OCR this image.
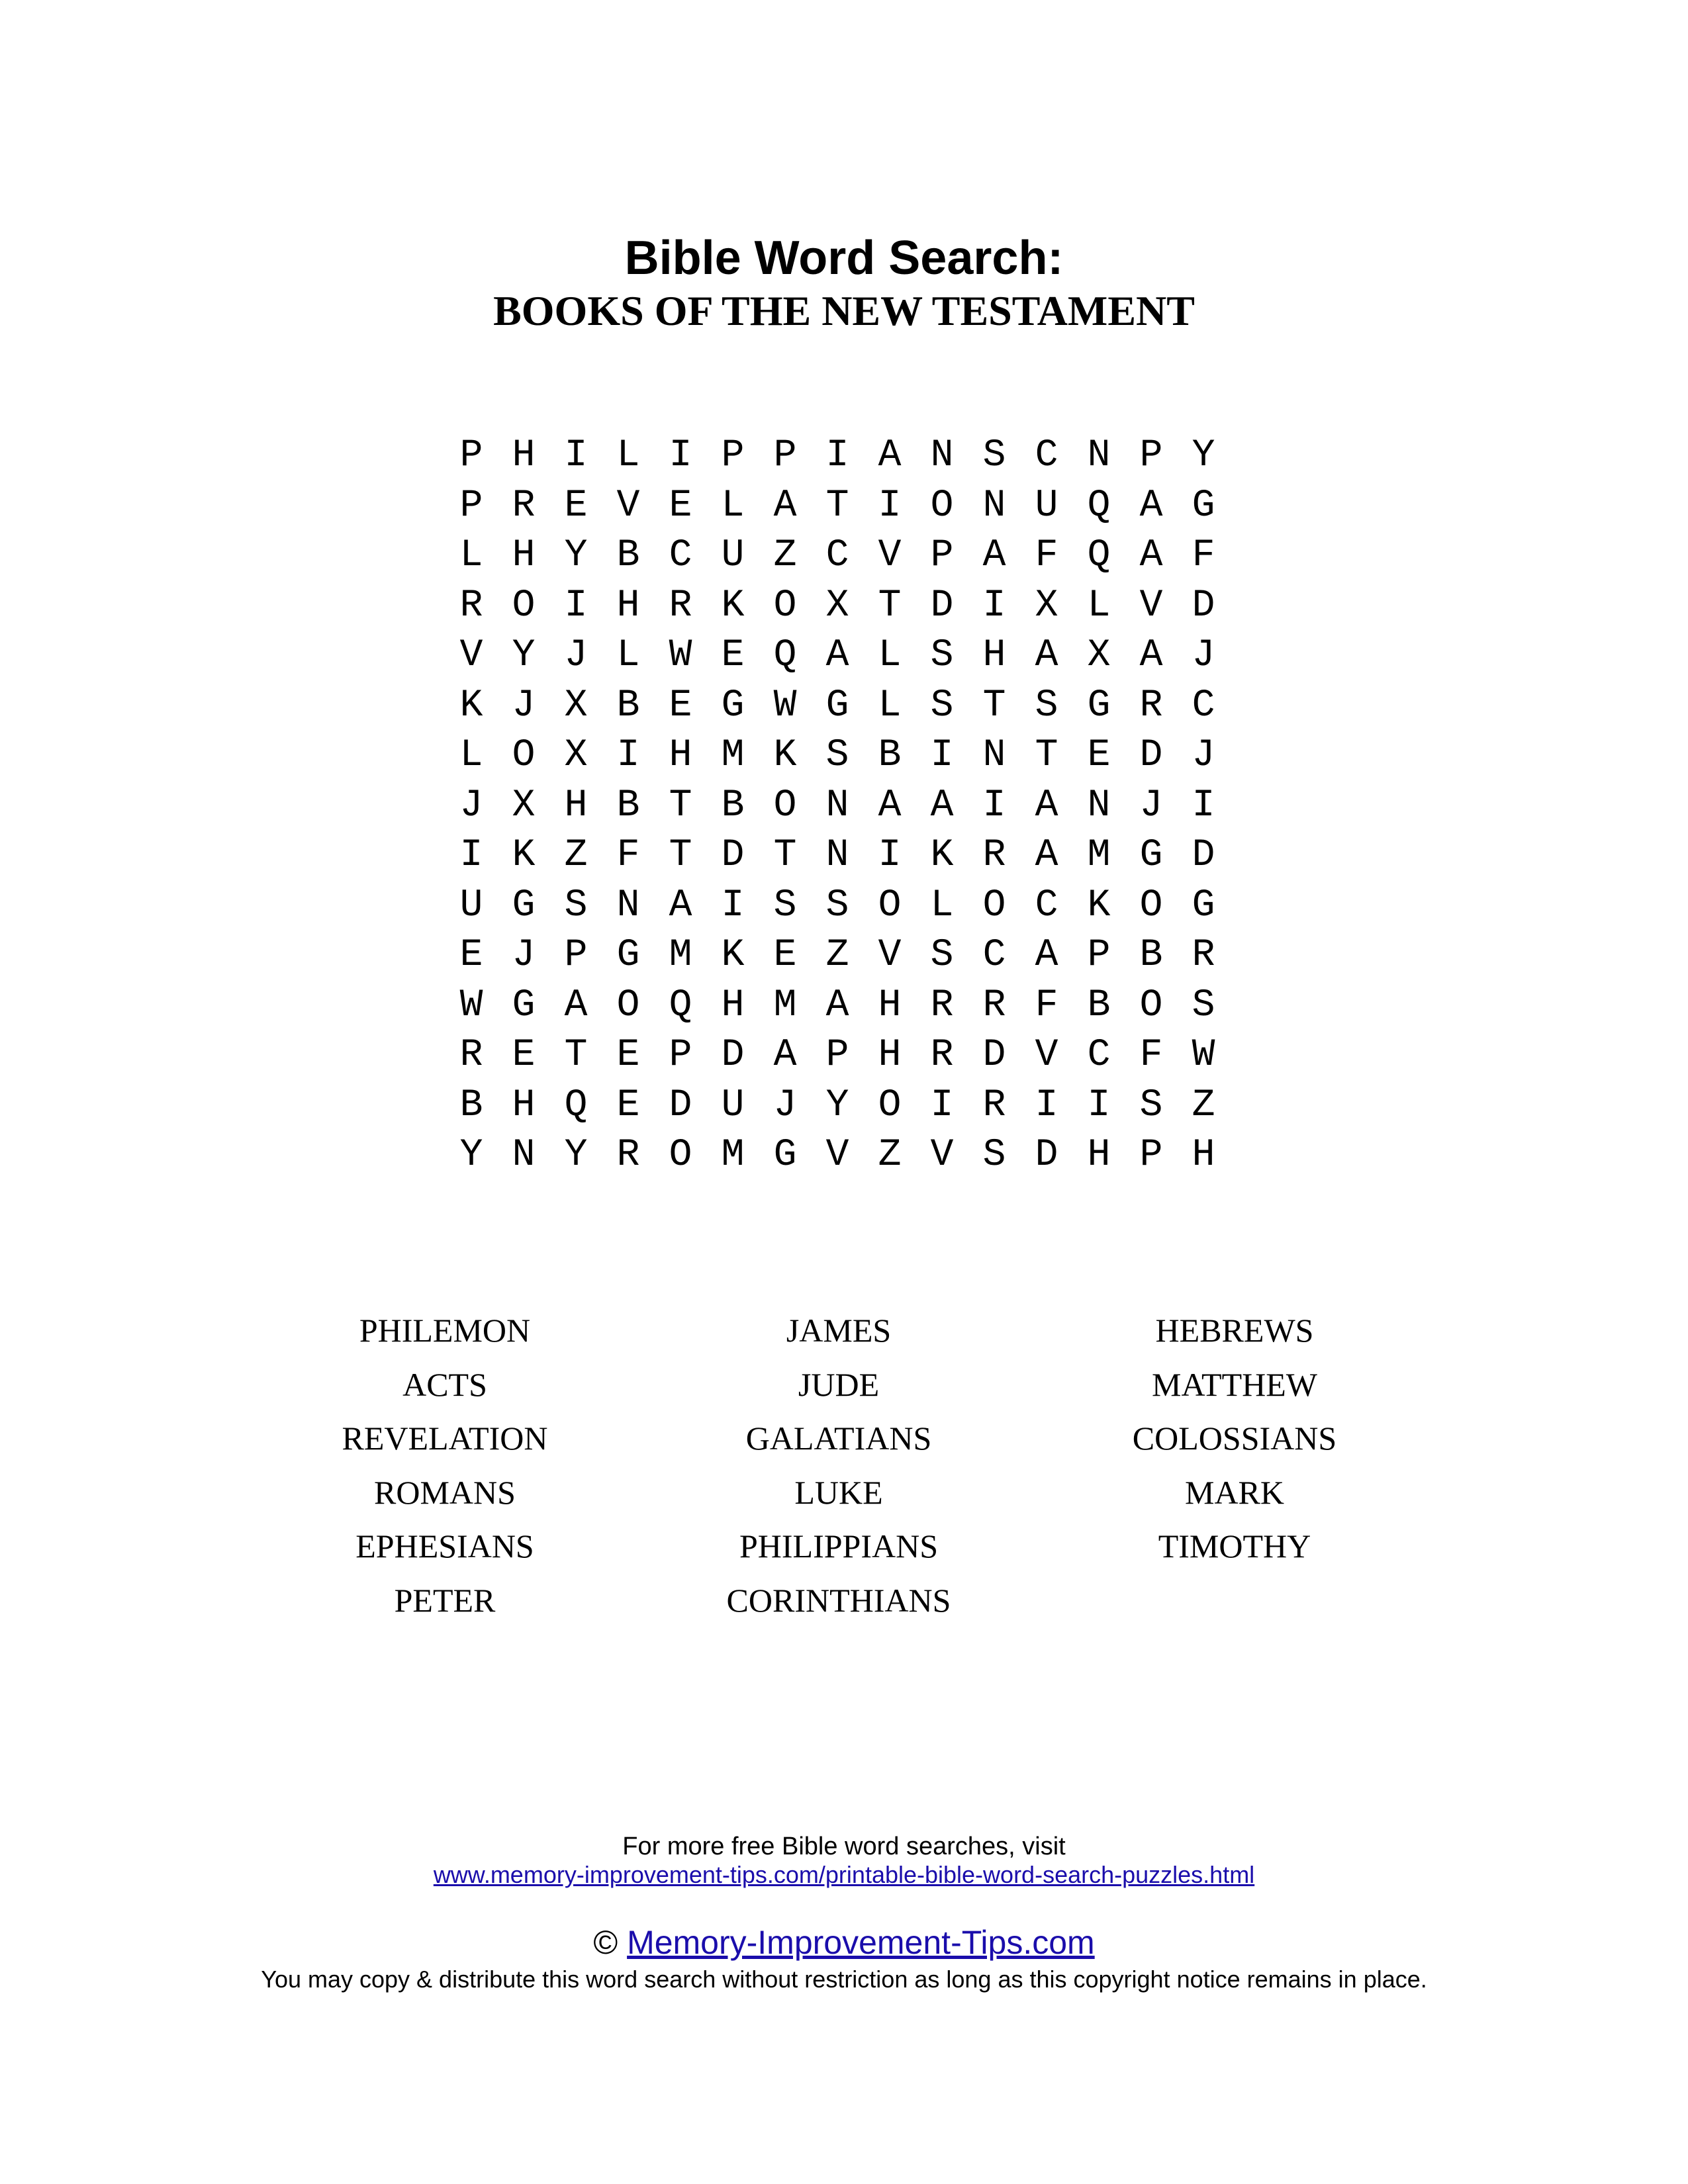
Bible Word Search:
BOOKS OF THE NEW TESTAMENT
P H I L I P P I A N S C N P Y
P R E V E L A T I O N U Q A G
L H Y B C U Z C V P A F Q A F
R O I H R K O X T D I X L V D
V Y J L W E Q A L S H A X A J
K J X B E G W G L S T S G R C
L O X I H M K S B I N T E D J
J X H B T B O N A A I A N J I
I K Z F T D T N I K R A M G D
U G S N A I S S O L O C K O G
E J P G M K E Z V S C A P B R
W G A O Q H M A H R R F B O S
R E T E P D A P H R D V C F W
B H Q E D U J Y O I R I I S Z
Y N Y R O M G V Z V S D H P H
PHILEMON
ACTS
REVELATION
ROMANS
EPHESIANS
PETER
JAMES
JUDE
GALATIANS
LUKE
PHILIPPIANS
CORINTHIANS
HEBREWS
MATTHEW
COLOSSIANS
MARK
TIMOTHY

For more free Bible word searches, visit

www.memory-improvement-tips.com/printable-bible-word-search-puzzles.html

© Memory-Improvement-Tips.com

You may copy & distribute this word search without restriction as long as this copyright notice remains in place.
